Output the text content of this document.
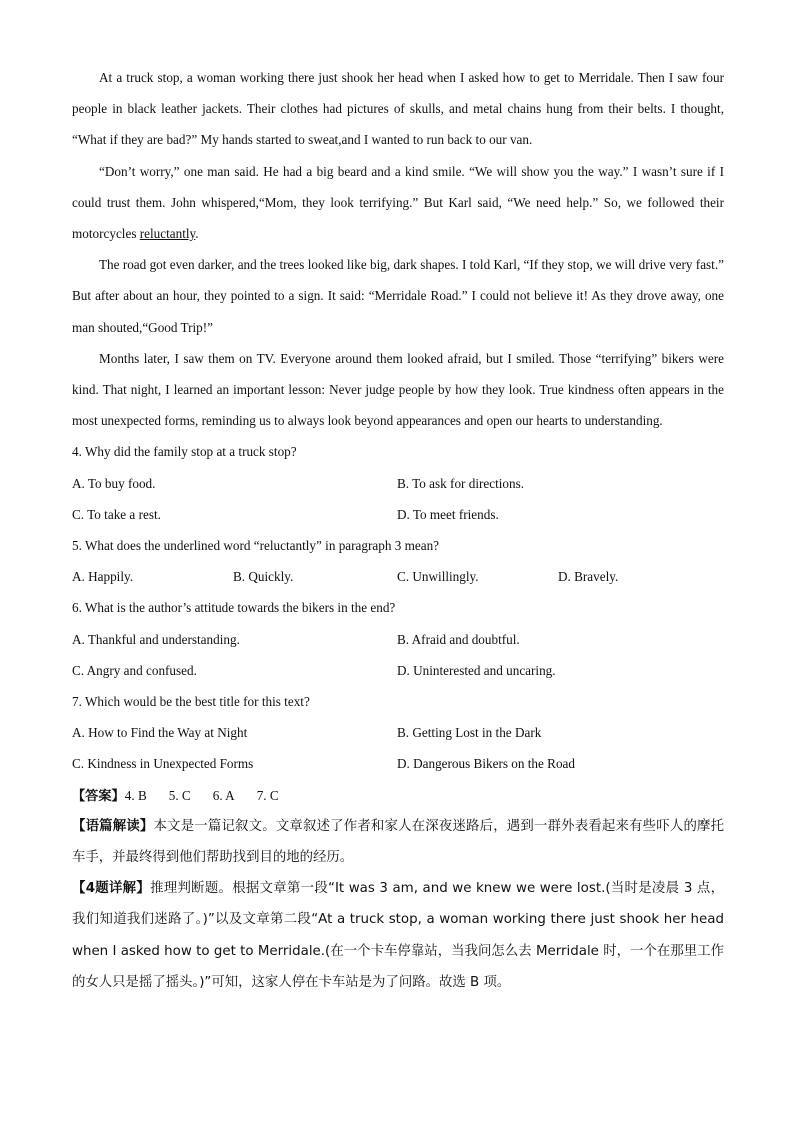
At a truck stop, a woman working there just shook her head when I asked how to get to Merridale. Then I saw four people in black leather jackets. Their clothes had pictures of skulls, and metal chains hung from their belts. I thought, “What if they are bad?” My hands started to sweat,and I wanted to run back to our van.

“Don’t worry,” one man said. He had a big beard and a kind smile. “We will show you the way.” I wasn’t sure if I could trust them. John whispered,“Mom, they look terrifying.” But Karl said, “We need help.” So, we followed their motorcycles reluctantly.

The road got even darker, and the trees looked like big, dark shapes. I told Karl, “If they stop, we will drive very fast.” But after about an hour, they pointed to a sign. It said: “Merridale Road.” I could not believe it! As they drove away, one man shouted,“Good Trip!”

Months later, I saw them on TV. Everyone around them looked afraid, but I smiled. Those “terrifying” bikers were kind. That night, I learned an important lesson: Never judge people by how they look. True kindness often appears in the most unexpected forms, reminding us to always look beyond appearances and open our hearts to understanding.

4. Why did the family stop at a truck stop?

A. To buy food.	B. To ask for directions.
C. To take a rest.	D. To meet friends.

5. What does the underlined word “reluctantly” in paragraph 3 mean?

A. Happily.	B. Quickly.	C. Unwillingly.	D. Bravely.

6. What is the author’s attitude towards the bikers in the end?

A. Thankful and understanding.	B. Afraid and doubtful.
C. Angry and confused.	D. Uninterested and uncaring.

7. Which would be the best title for this text?

A. How to Find the Way at Night	B. Getting Lost in the Dark
C. Kindness in Unexpected Forms	D. Dangerous Bikers on the Road

【答案】4. B 5. C 6. A 7. C

【语篇解读】本文是一篇记叙文。文章叙述了作者和家人在深夜迷路后，遇到一群外表看起来有些吓人的摩托车手，并最终得到他们帮助找到目的地的经历。

【4题详解】推理判断题。根据文章第一段“It was 3 am, and we knew we were lost.(当时是凌晨 3 点，我们知道我们迷路了。)”以及文章第二段“At a truck stop, a woman working there just shook her head when I asked how to get to Merridale.(在一个卡车停靠站，当我问怎么去 Merridale 时，一个在那里工作的女人只是摇了摇头。)”可知，这家人停在卡车站是为了问路。故选 B 项。
